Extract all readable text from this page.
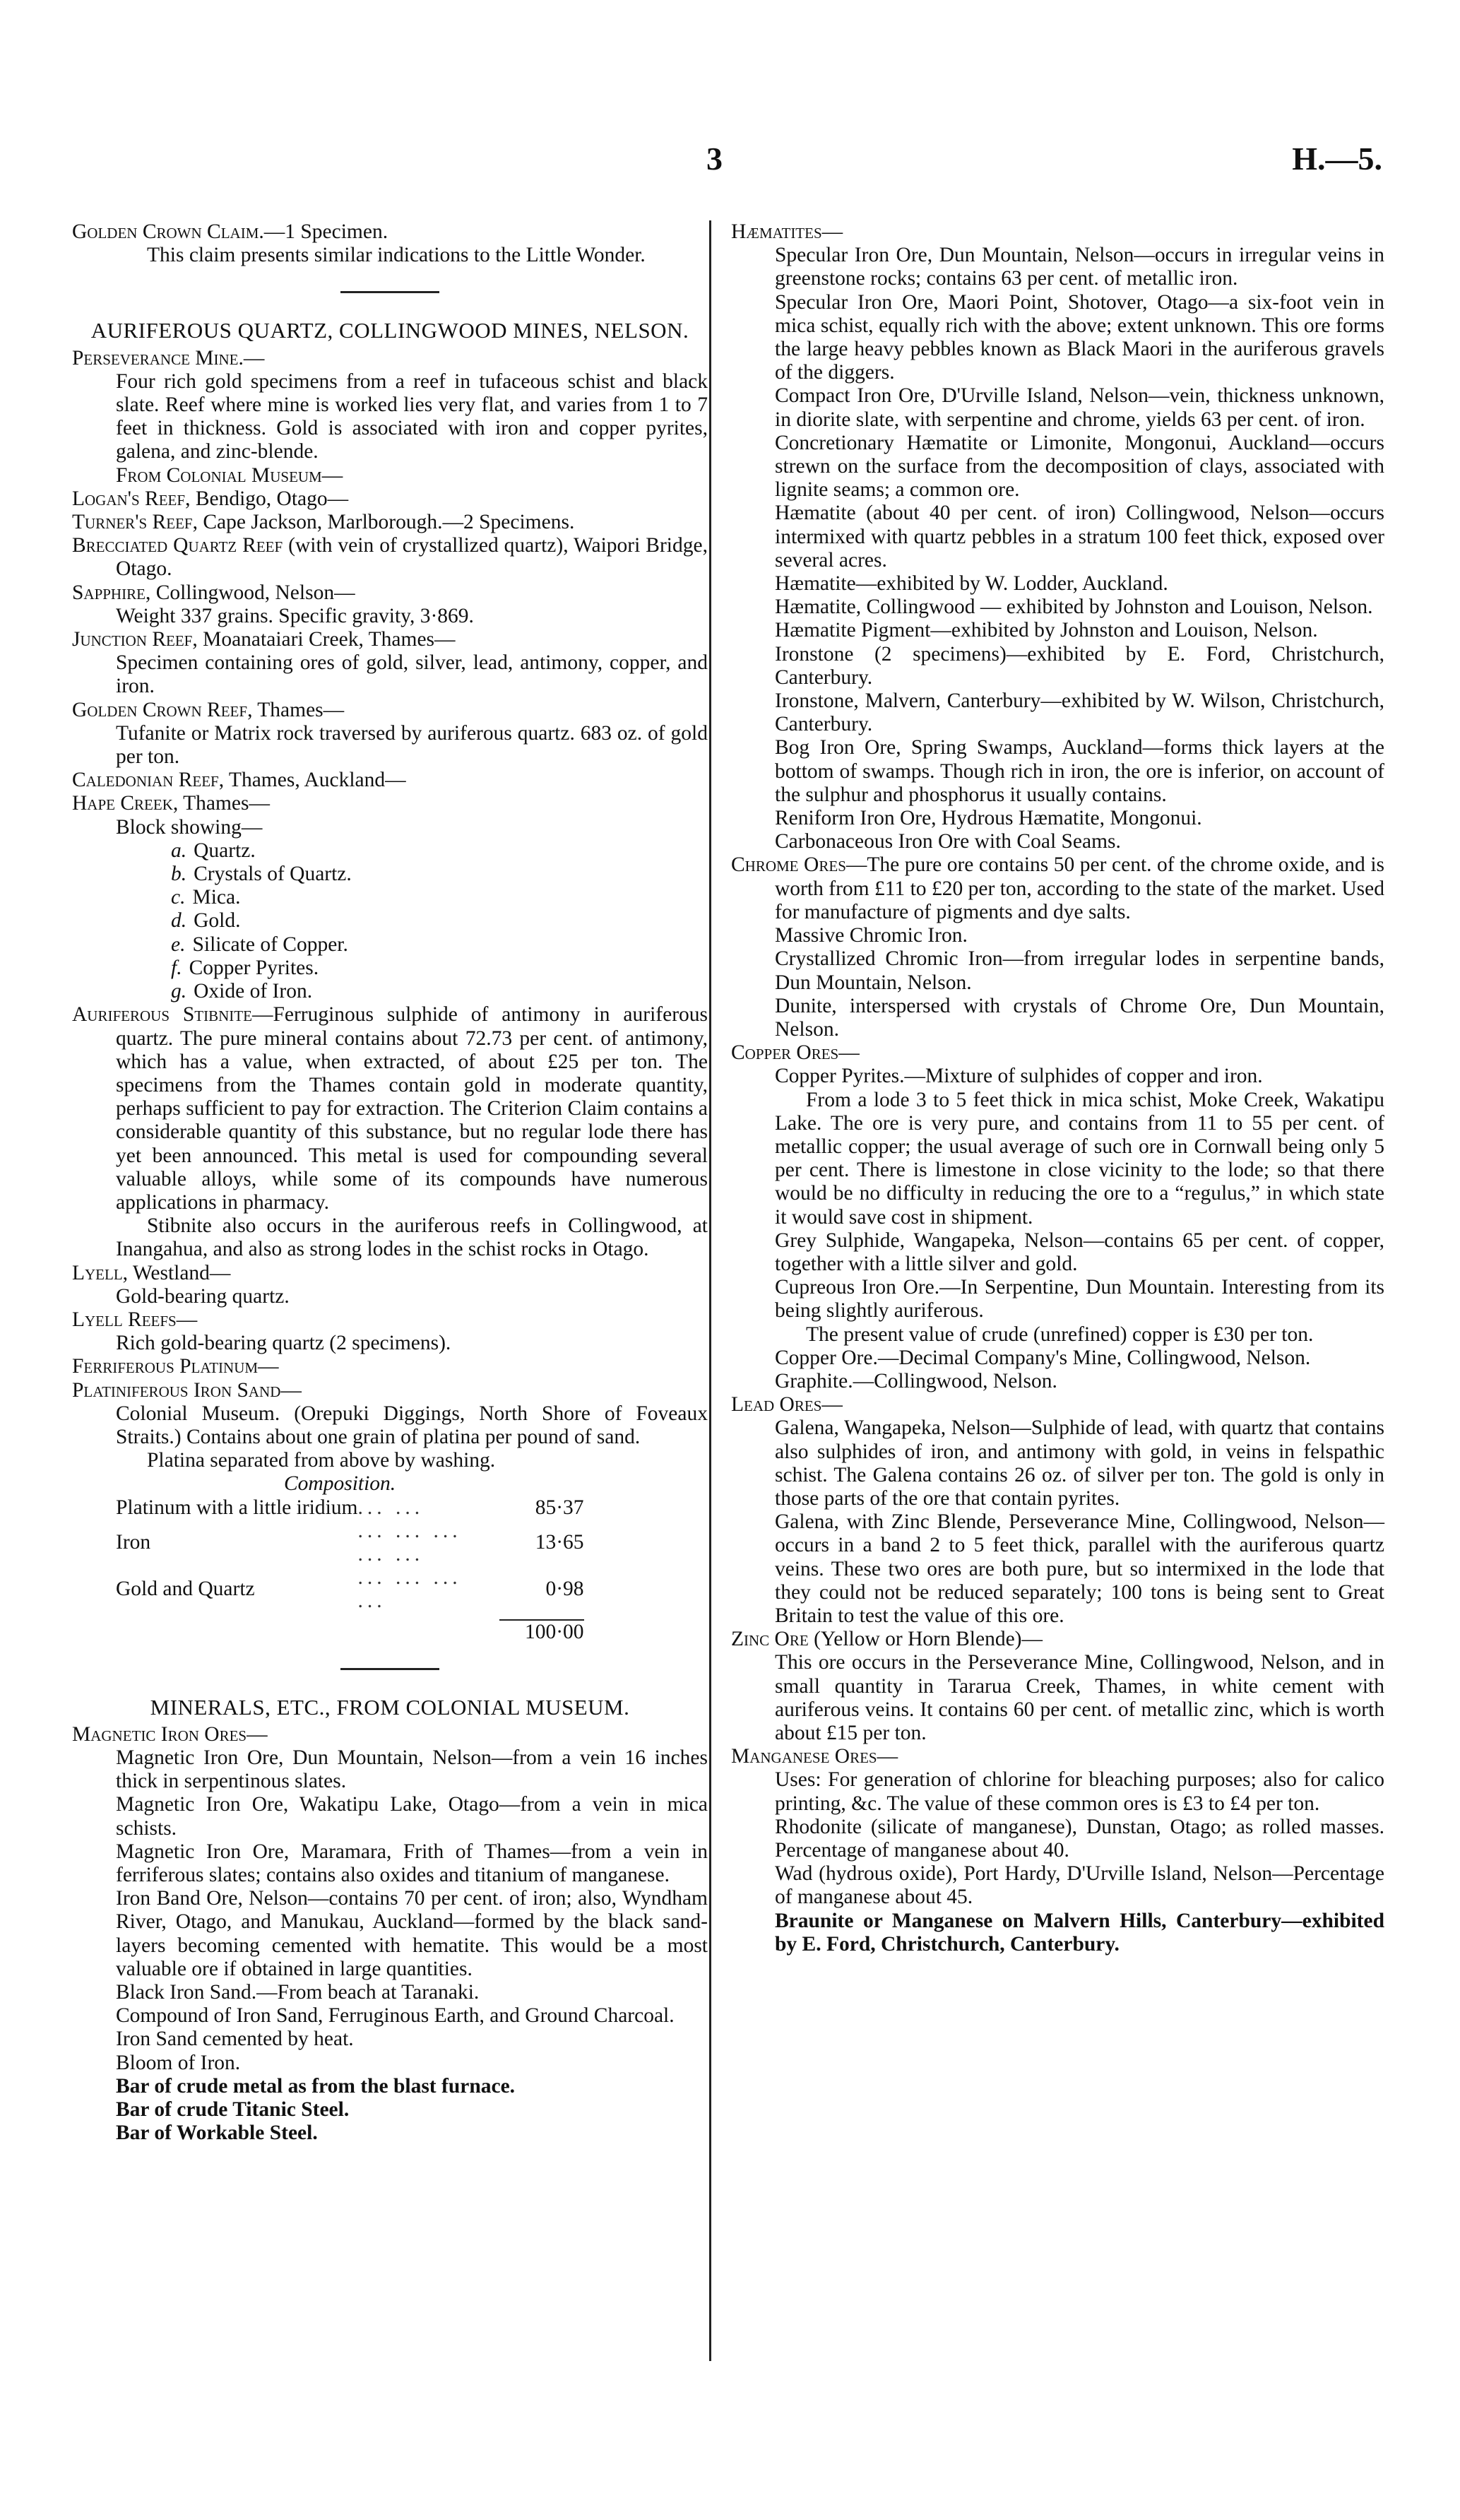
3	H.—5.

Golden Crown Claim.—1 Specimen.

This claim presents similar indications to the Little Wonder.

AURIFEROUS QUARTZ, COLLINGWOOD MINES, NELSON.

Perseverance Mine.—

Four rich gold specimens from a reef in tufaceous schist and black slate. Reef where mine is worked lies very flat, and varies from 1 to 7 feet in thickness. Gold is associated with iron and copper pyrites, galena, and zinc-blende.

From Colonial Museum—

Logan's Reef, Bendigo, Otago—

Turner's Reef, Cape Jackson, Marlborough.—2 Specimens.

Brecciated Quartz Reef (with vein of crystallized quartz), Waipori Bridge, Otago.

Sapphire, Collingwood, Nelson—

Weight 337 grains. Specific gravity, 3·869.

Junction Reef, Moanataiari Creek, Thames—

Specimen containing ores of gold, silver, lead, antimony, copper, and iron.

Golden Crown Reef, Thames—

Tufanite or Matrix rock traversed by auriferous quartz. 683 oz. of gold per ton.

Caledonian Reef, Thames, Auckland—

Hape Creek, Thames—

Block showing—

a. Quartz.

b. Crystals of Quartz.

c. Mica.

d. Gold.

e. Silicate of Copper.

f. Copper Pyrites.

g. Oxide of Iron.

Auriferous Stibnite—Ferruginous sulphide of antimony in auriferous quartz. The pure mineral contains about 72.73 per cent. of antimony, which has a value, when extracted, of about £25 per ton. The specimens from the Thames contain gold in moderate quantity, perhaps sufficient to pay for extraction. The Criterion Claim contains a considerable quantity of this substance, but no regular lode there has yet been announced. This metal is used for compounding several valuable alloys, while some of its compounds have numerous applications in pharmacy.

Stibnite also occurs in the auriferous reefs in Collingwood, at Inangahua, and also as strong lodes in the schist rocks in Otago.

Lyell, Westland—

Gold-bearing quartz.

Lyell Reefs—

Rich gold-bearing quartz (2 specimens).

Ferriferous Platinum—

Platiniferous Iron Sand—

Colonial Museum. (Orepuki Diggings, North Shore of Foveaux Straits.) Contains about one grain of platina per pound of sand.

Platina separated from above by washing.

Composition.
Platinum with a little iridium	... ...	85·37
Iron	... ... ... ... ...	13·65
Gold and Quartz	... ... ... ...	0·98

		100·00
MINERALS, ETC., FROM COLONIAL MUSEUM.

Magnetic Iron Ores—

Magnetic Iron Ore, Dun Mountain, Nelson—from a vein 16 inches thick in serpentinous slates.

Magnetic Iron Ore, Wakatipu Lake, Otago—from a vein in mica schists.

Magnetic Iron Ore, Maramara, Frith of Thames—from a vein in ferriferous slates; contains also oxides and titanium of manganese.

Iron Band Ore, Nelson—contains 70 per cent. of iron; also, Wyndham River, Otago, and Manukau, Auckland—formed by the black sand-layers becoming cemented with hematite. This would be a most valuable ore if obtained in large quantities.

Black Iron Sand.—From beach at Taranaki.

Compound of Iron Sand, Ferruginous Earth, and Ground Charcoal.

Iron Sand cemented by heat.

Bloom of Iron.

Bar of crude metal as from the blast furnace.

Bar of crude Titanic Steel.

Bar of Workable Steel.

Hæmatites—

Specular Iron Ore, Dun Mountain, Nelson—occurs in irregular veins in greenstone rocks; contains 63 per cent. of metallic iron.

Specular Iron Ore, Maori Point, Shotover, Otago—a six-foot vein in mica schist, equally rich with the above; extent unknown. This ore forms the large heavy pebbles known as Black Maori in the auriferous gravels of the diggers.

Compact Iron Ore, D'Urville Island, Nelson—vein, thickness unknown, in diorite slate, with serpentine and chrome, yields 63 per cent. of iron.

Concretionary Hæmatite or Limonite, Mongonui, Auckland—occurs strewn on the surface from the decomposition of clays, associated with lignite seams; a common ore.

Hæmatite (about 40 per cent. of iron) Collingwood, Nelson—occurs intermixed with quartz pebbles in a stratum 100 feet thick, exposed over several acres.

Hæmatite—exhibited by W. Lodder, Auckland.

Hæmatite, Collingwood — exhibited by Johnston and Louison, Nelson.

Hæmatite Pigment—exhibited by Johnston and Louison, Nelson.

Ironstone (2 specimens)—exhibited by E. Ford, Christchurch, Canterbury.

Ironstone, Malvern, Canterbury—exhibited by W. Wilson, Christchurch, Canterbury.

Bog Iron Ore, Spring Swamps, Auckland—forms thick layers at the bottom of swamps. Though rich in iron, the ore is inferior, on account of the sulphur and phosphorus it usually contains.

Reniform Iron Ore, Hydrous Hæmatite, Mongonui.

Carbonaceous Iron Ore with Coal Seams.

Chrome Ores—The pure ore contains 50 per cent. of the chrome oxide, and is worth from £11 to £20 per ton, according to the state of the market. Used for manufacture of pigments and dye salts.

Massive Chromic Iron.

Crystallized Chromic Iron—from irregular lodes in serpentine bands, Dun Mountain, Nelson.

Dunite, interspersed with crystals of Chrome Ore, Dun Mountain, Nelson.

Copper Ores—

Copper Pyrites.—Mixture of sulphides of copper and iron.

From a lode 3 to 5 feet thick in mica schist, Moke Creek, Wakatipu Lake. The ore is very pure, and contains from 11 to 55 per cent. of metallic copper; the usual average of such ore in Cornwall being only 5 per cent. There is limestone in close vicinity to the lode; so that there would be no difficulty in reducing the ore to a “regulus,” in which state it would save cost in shipment.

Grey Sulphide, Wangapeka, Nelson—contains 65 per cent. of copper, together with a little silver and gold.

Cupreous Iron Ore.—In Serpentine, Dun Mountain. Interesting from its being slightly auriferous.

The present value of crude (unrefined) copper is £30 per ton.

Copper Ore.—Decimal Company's Mine, Collingwood, Nelson.

Graphite.—Collingwood, Nelson.

Lead Ores—

Galena, Wangapeka, Nelson—Sulphide of lead, with quartz that contains also sulphides of iron, and antimony with gold, in veins in felspathic schist. The Galena contains 26 oz. of silver per ton. The gold is only in those parts of the ore that contain pyrites.

Galena, with Zinc Blende, Perseverance Mine, Collingwood, Nelson—occurs in a band 2 to 5 feet thick, parallel with the auriferous quartz veins. These two ores are both pure, but so intermixed in the lode that they could not be reduced separately; 100 tons is being sent to Great Britain to test the value of this ore.

Zinc Ore (Yellow or Horn Blende)—

This ore occurs in the Perseverance Mine, Collingwood, Nelson, and in small quantity in Tararua Creek, Thames, in white cement with auriferous veins. It contains 60 per cent. of metallic zinc, which is worth about £15 per ton.

Manganese Ores—

Uses: For generation of chlorine for bleaching purposes; also for calico printing, &c. The value of these common ores is £3 to £4 per ton.

Rhodonite (silicate of manganese), Dunstan, Otago; as rolled masses. Percentage of manganese about 40.

Wad (hydrous oxide), Port Hardy, D'Urville Island, Nelson—Percentage of manganese about 45.

Braunite or Manganese on Malvern Hills, Canterbury—exhibited by E. Ford, Christchurch, Canterbury.
